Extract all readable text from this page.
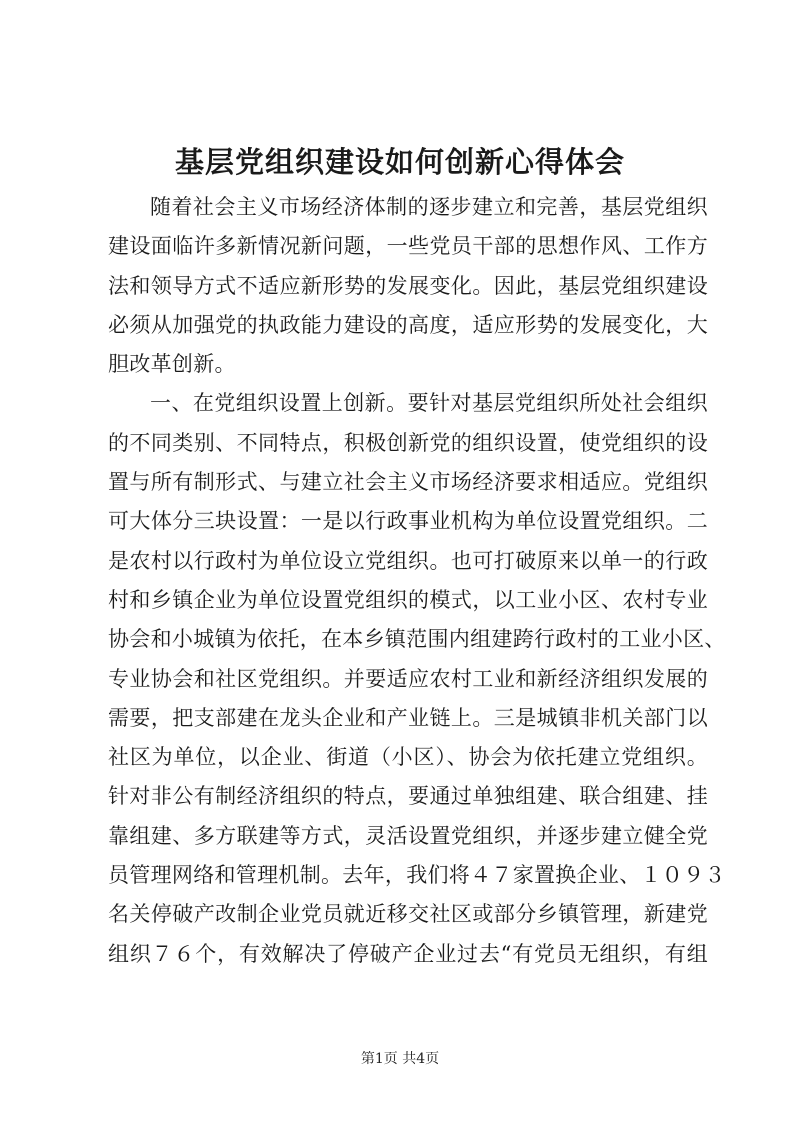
基层党组织建设如何创新心得体会
随着社会主义市场经济体制的逐步建立和完善，基层党组织
建设面临许多新情况新问题，一些党员干部的思想作风、工作方
法和领导方式不适应新形势的发展变化。因此，基层党组织建设
必须从加强党的执政能力建设的高度，适应形势的发展变化，大
胆改革创新。
一、在党组织设置上创新。要针对基层党组织所处社会组织
的不同类别、不同特点，积极创新党的组织设置，使党组织的设
置与所有制形式、与建立社会主义市场经济要求相适应。党组织
可大体分三块设置：一是以行政事业机构为单位设置党组织。二
是农村以行政村为单位设立党组织。也可打破原来以单一的行政
村和乡镇企业为单位设置党组织的模式，以工业小区、农村专业
协会和小城镇为依托，在本乡镇范围内组建跨行政村的工业小区、
专业协会和社区党组织。并要适应农村工业和新经济组织发展的
需要，把支部建在龙头企业和产业链上。三是城镇非机关部门以
社区为单位，以企业、街道（小区）、协会为依托建立党组织。
针对非公有制经济组织的特点，要通过单独组建、联合组建、挂
靠组建、多方联建等方式，灵活设置党组织，并逐步建立健全党
员管理网络和管理机制。去年，我们将４７家置换企业、１０９３
名关停破产改制企业党员就近移交社区或部分乡镇管理，新建党
组织７６个，有效解决了停破产企业过去“有党员无组织，有组
第1页 共4页
